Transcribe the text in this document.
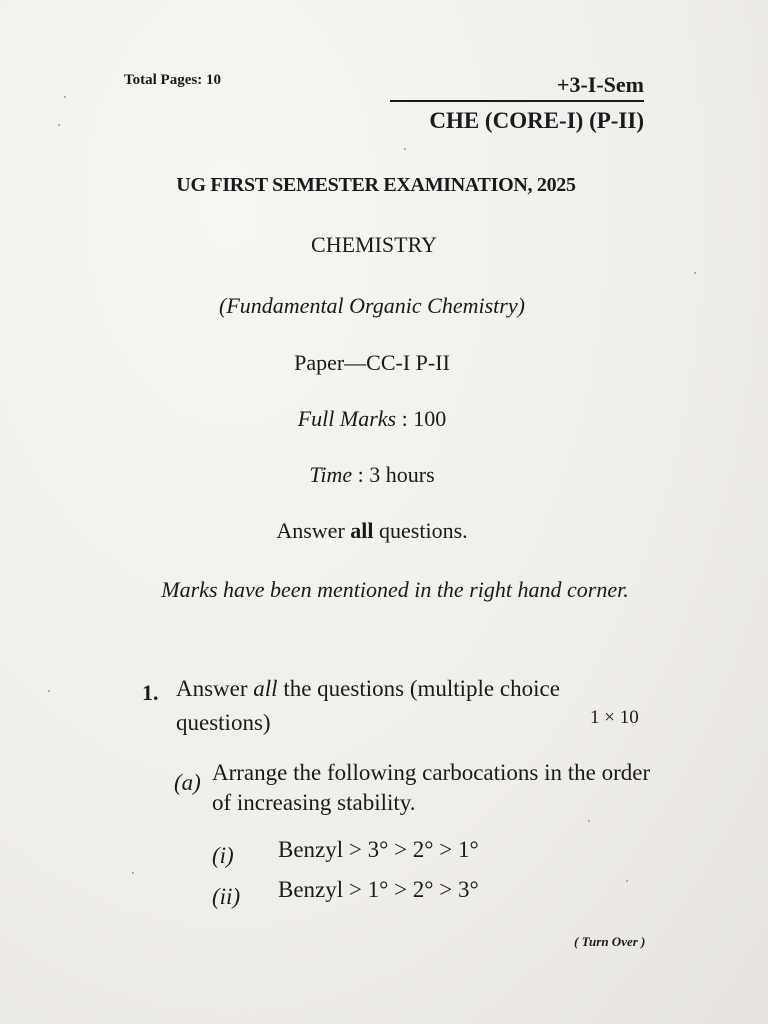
Total Pages: 10	+3-I-Sem
CHE (CORE-I) (P-II)
UG FIRST SEMESTER EXAMINATION, 2025
CHEMISTRY
(Fundamental Organic Chemistry)
Paper—CC-I P-II
Full Marks : 100
Time : 3 hours
Answer all questions.
Marks have been mentioned in the right hand corner.
1. Answer all the questions (multiple choice questions)	1 × 10
(a) Arrange the following carbocations in the order of increasing stability.
(i) Benzyl > 3° > 2° > 1°
(ii) Benzyl > 1° > 2° > 3°
( Turn Over )
